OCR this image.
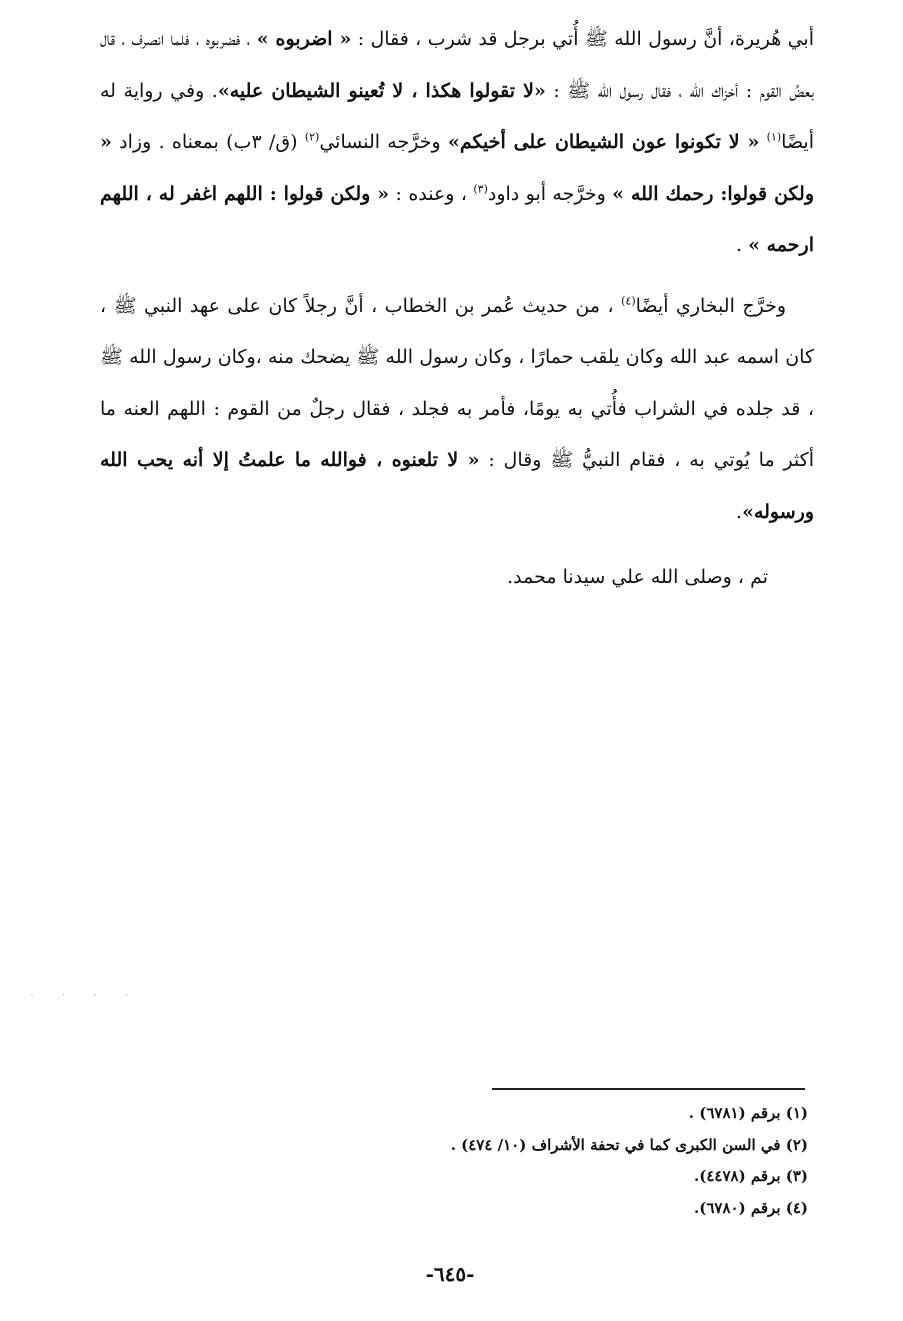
أبي هُريرة، أنَّ رسول الله ﷺ أُتي برجل قد شرب ، فقال : « اضربوه » ، فضربوه ، فلما انصرف ، قال بعضُ القوم : أخزاك الله ، فقال رسول الله ﷺ : «لا تقولوا هكذا ، لا تُعينو الشيطان عليه». وفي رواية له أيضًا$^{(١)}$ « لا تكونوا عون الشيطان على أخيكم» وخرَّجه النسائي$^{(٢)}$ (ق/ ٣ب) بمعناه . وزاد « ولكن قولوا: رحمك الله » وخرَّجه أبو داود$^{(٣)}$ ، وعنده : « ولكن قولوا : اللهم اغفر له ، اللهم ارحمه » .

وخرَّج البخاري أيضًا$^{(٤)}$ ، من حديث عُمر بن الخطاب ، أنَّ رجلاً كان على عهد النبي ﷺ ، كان اسمه عبد الله وكان يلقب حمارًا ، وكان رسول الله ﷺ يضحك منه ،وكان رسول الله ﷺ ، قد جلده في الشراب فأُتي به يومًا، فأمر به فجلد ، فقال رجلٌ من القوم : اللهم العنه ما أكثر ما يُوتي به ، فقام النبيُّ ﷺ وقال : « لا تلعنوه ، فوالله ما علمتُ إلا أنه يحب الله ورسوله».

تم ، وصلى الله علي سيدنا محمد.

· · · ·
(١) برقم (٦٧٨١) .
(٢) في السن الكبرى كما في تحفة الأشراف (١٠/ ٤٧٤) .
(٣) برقم (٤٤٧٨).
(٤) برقم (٦٧٨٠).
-٦٤٥-
